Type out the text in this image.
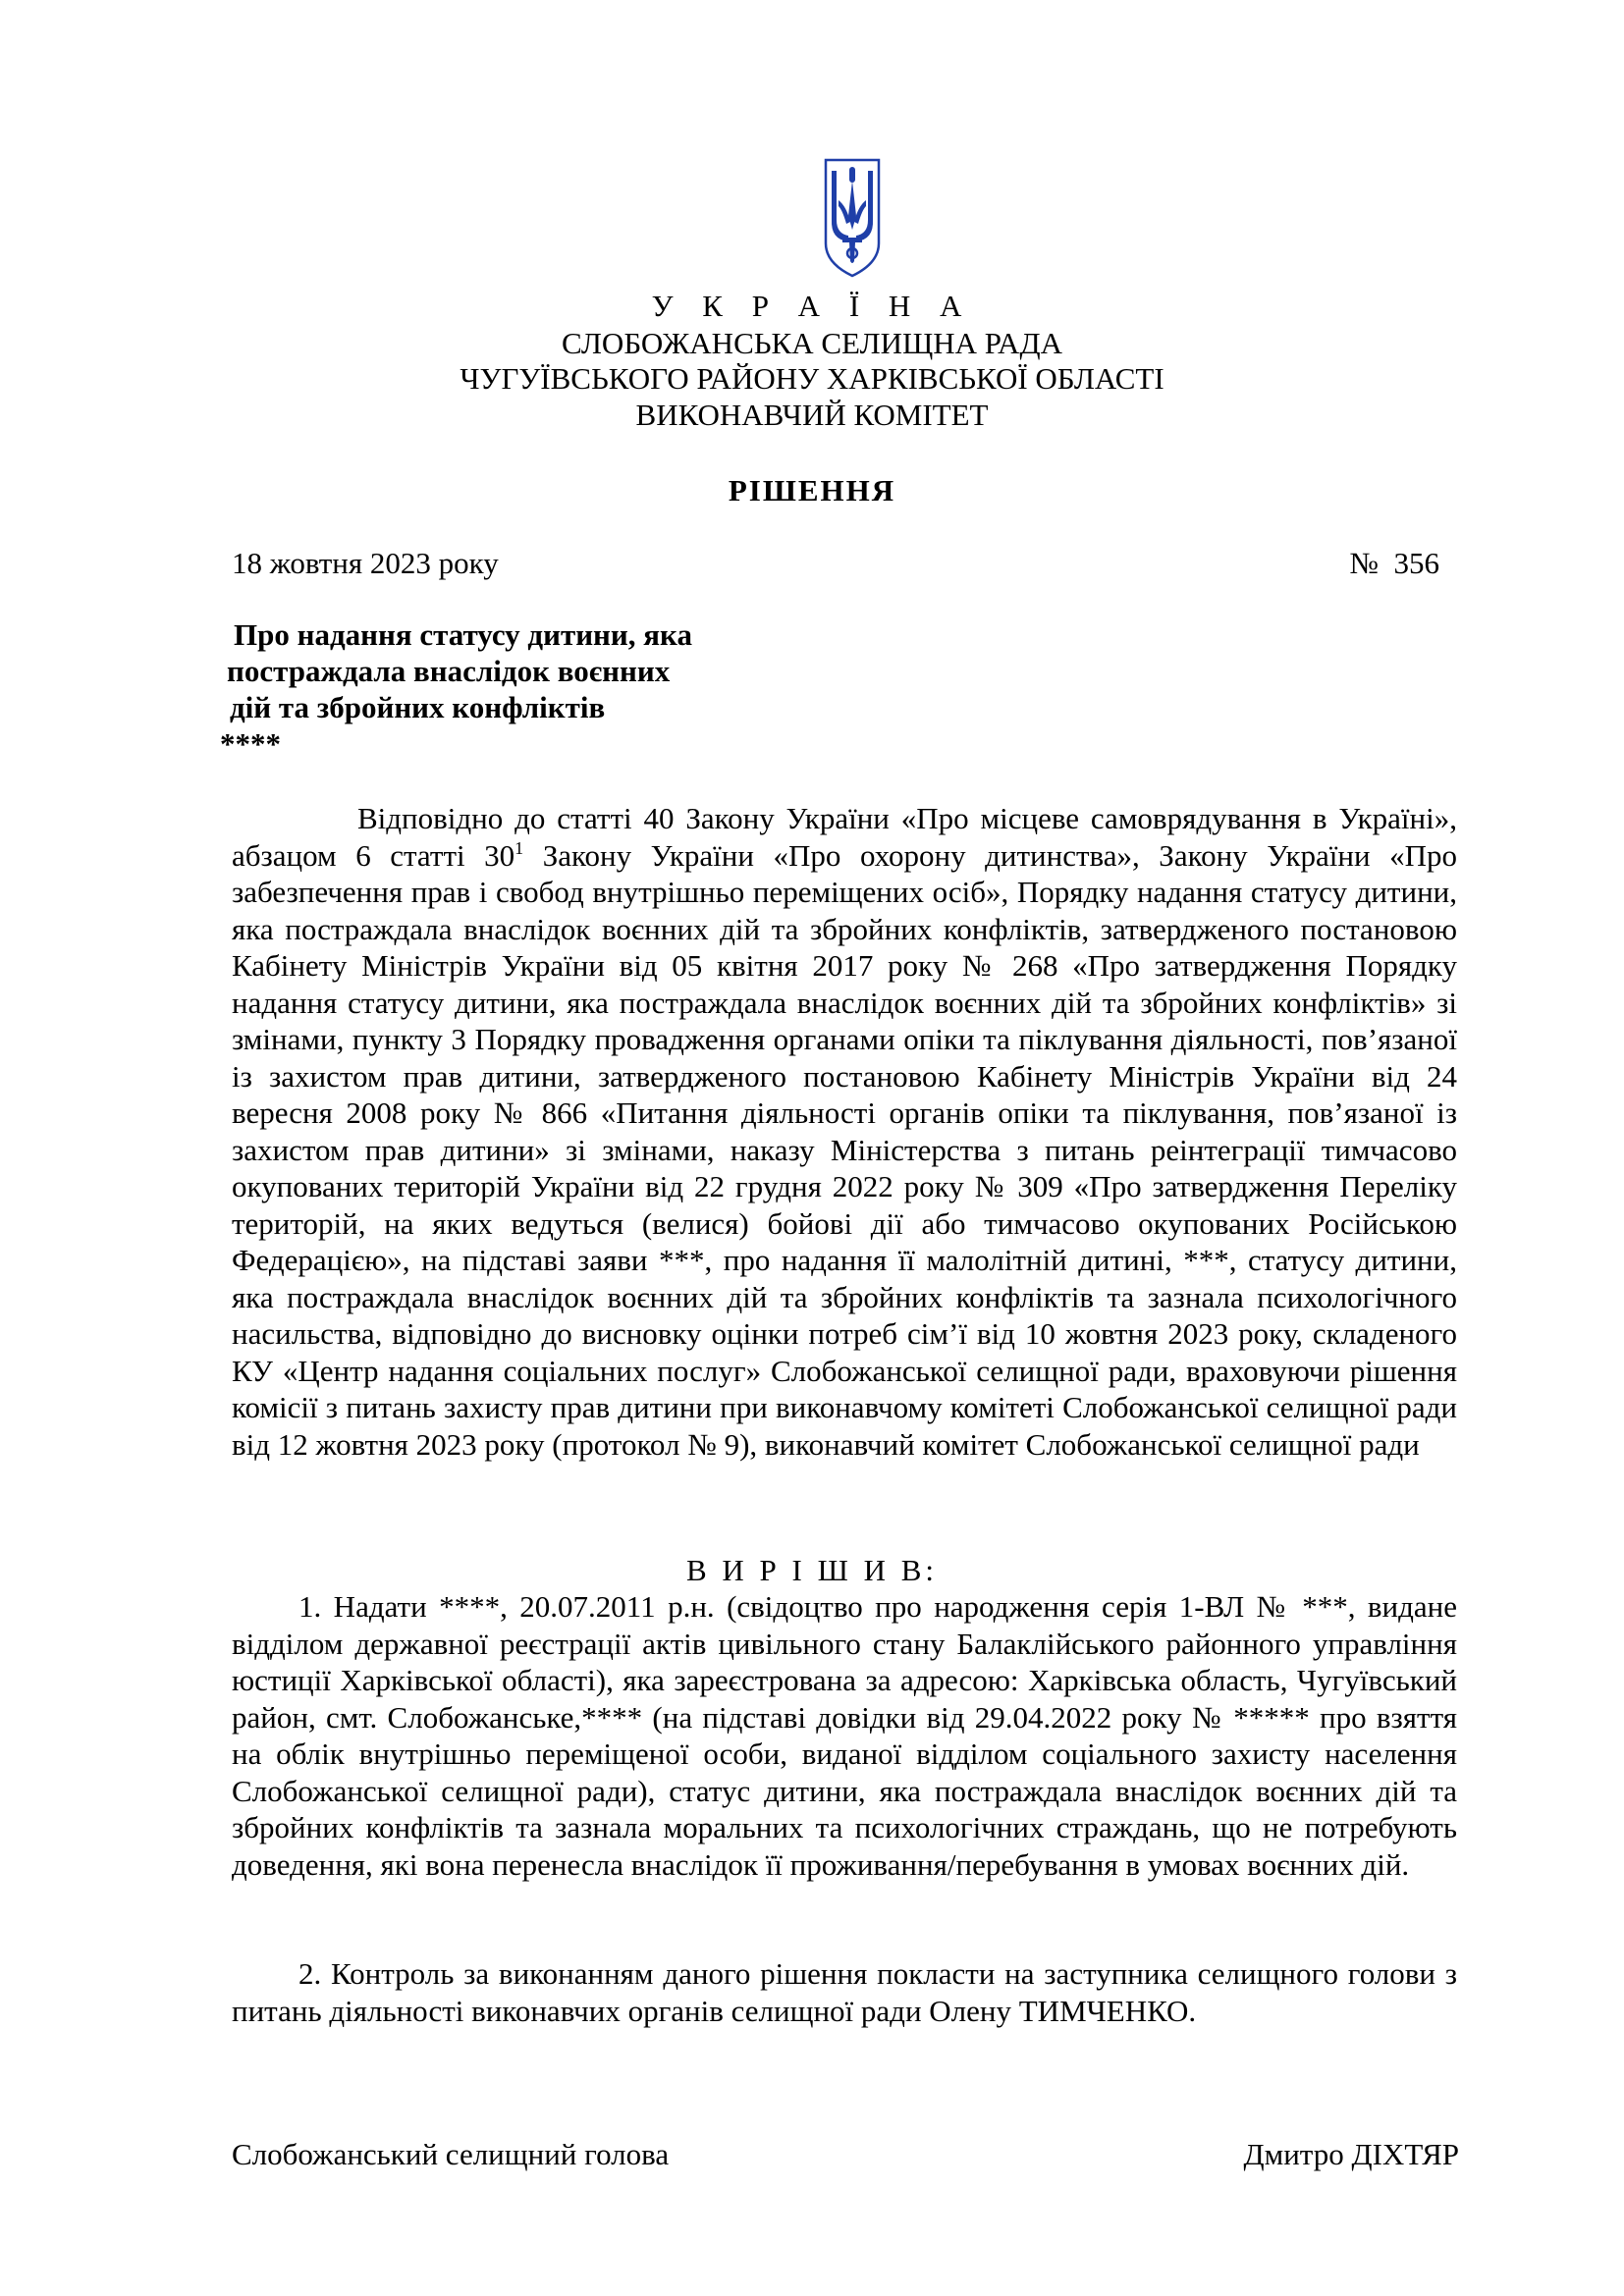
У К Р А Ї Н А
СЛОБОЖАНСЬКА СЕЛИЩНА РАДА
ЧУГУЇВСЬКОГО РАЙОНУ ХАРКІВСЬКОЇ ОБЛАСТІ
ВИКОНАВЧИЙ КОМІТЕТ
РІШЕННЯ
18 жовтня 2023 року	№  356
Про надання статусу дитини, яка
постраждала внаслідок воєнних
дій та збройних конфліктів
****
Відповідно до статті 40 Закону України «Про місцеве самоврядування в Україні», абзацом 6 статті $30^1$ Закону України «Про охорону дитинства», Закону України «Про забезпечення прав і свобод внутрішньо переміщених осіб», Порядку надання статусу дитини, яка постраждала внаслідок воєнних дій та збройних конфліктів, затвердженого постановою Кабінету Міністрів України від 05 квітня 2017 року № 268 «Про затвердження Порядку надання статусу дитини, яка постраждала внаслідок воєнних дій та збройних конфліктів» зі змінами, пункту 3 Порядку провадження органами опіки та піклування діяльності, пов’язаної із захистом прав дитини, затвердженого постановою Кабінету Міністрів України від 24 вересня 2008 року № 866 «Питання діяльності органів опіки та піклування, пов’язаної із захистом прав дитини» зі змінами, наказу Міністерства з питань реінтеграції тимчасово окупованих територій України від 22 грудня 2022 року № 309 «Про затвердження Переліку територій, на яких ведуться (велися) бойові дії або тимчасово окупованих Російською Федерацією», на підставі заяви ***, про надання її малолітній дитині, ***, статусу дитини, яка постраждала внаслідок воєнних дій та збройних конфліктів та зазнала психологічного насильства, відповідно до висновку оцінки потреб сім’ї від 10 жовтня 2023 року, складеного КУ «Центр надання соціальних послуг» Слобожанської селищної ради, враховуючи рішення комісії з питань захисту прав дитини при виконавчому комітеті Слобожанської селищної ради від 12 жовтня 2023 року (протокол № 9), виконавчий комітет Слобожанської селищної ради
В И Р І Ш И В:
1. Надати ****, 20.07.2011 р.н. (свідоцтво про народження серія 1-ВЛ № ***, видане відділом державної реєстрації актів цивільного стану Балаклійського районного управління юстиції Харківської області), яка зареєстрована за адресою: Харківська область, Чугуївський район, смт. Слобожанське,**** (на підставі довідки від 29.04.2022 року № ***** про взяття на облік внутрішньо переміщеної особи, виданої відділом соціального захисту населення Слобожанської селищної ради), статус дитини, яка постраждала внаслідок воєнних дій та збройних конфліктів та зазнала моральних та психологічних страждань, що не потребують доведення, які вона перенесла внаслідок її проживання/перебування в умовах воєнних дій.
2. Контроль за виконанням даного рішення покласти на заступника селищного голови з питань діяльності виконавчих органів селищної ради Олену ТИМЧЕНКО.
Слобожанський селищний голова	Дмитро ДІХТЯР
